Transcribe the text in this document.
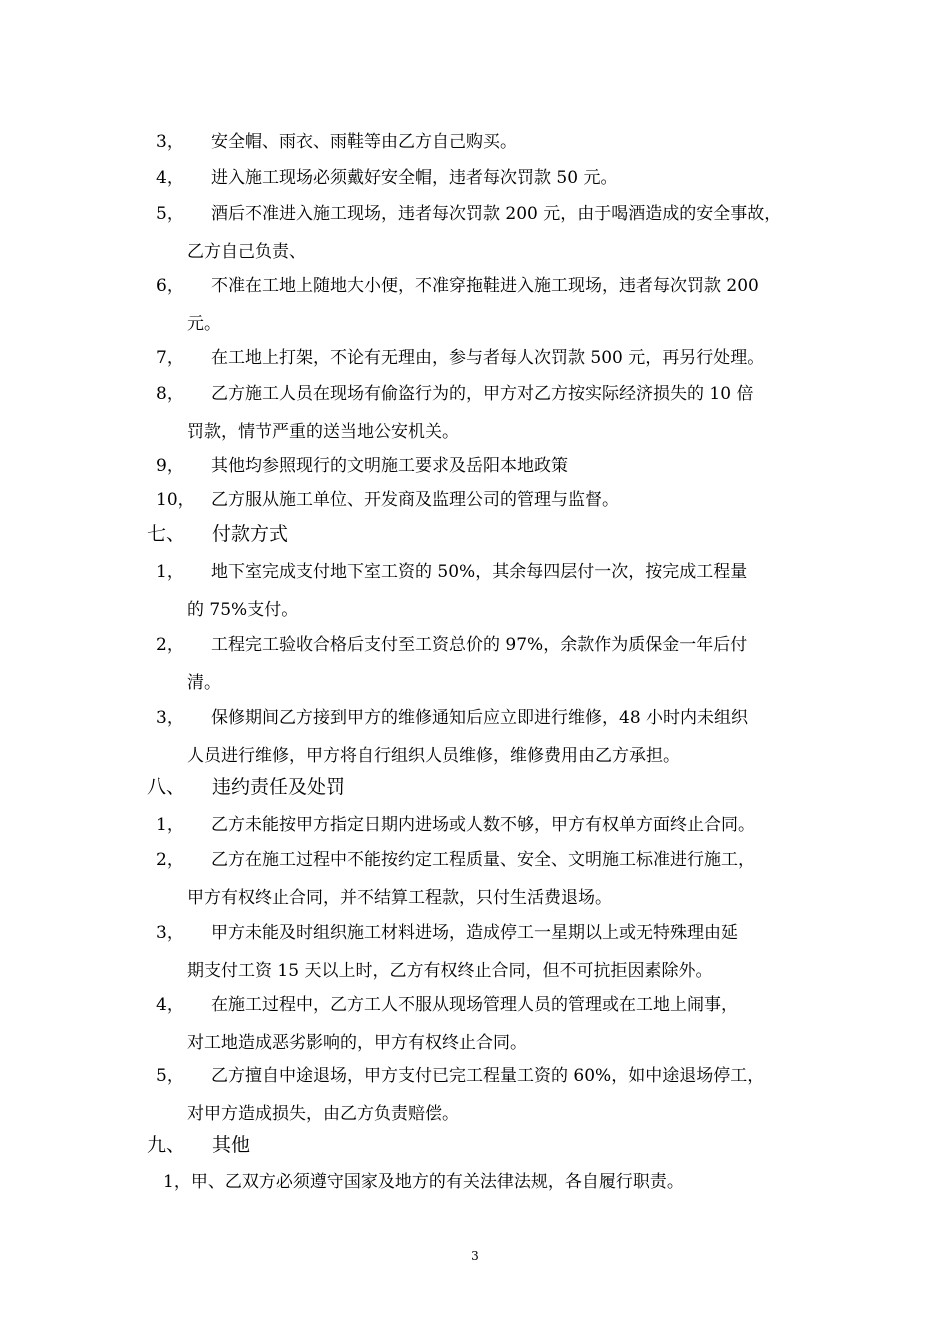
3， 安全帽、雨衣、雨鞋等由乙方自己购买。
4， 进入施工现场必须戴好安全帽，违者每次罚款 50 元。
5， 酒后不准进入施工现场，违者每次罚款 200 元，由于喝酒造成的安全事故，
乙方自己负责、
6， 不准在工地上随地大小便，不准穿拖鞋进入施工现场，违者每次罚款 200
元。
7， 在工地上打架，不论有无理由，参与者每人次罚款 500 元，再另行处理。
8， 乙方施工人员在现场有偷盗行为的，甲方对乙方按实际经济损失的 10 倍
罚款，情节严重的送当地公安机关。
9， 其他均参照现行的文明施工要求及岳阳本地政策
10， 乙方服从施工单位、开发商及监理公司的管理与监督。
七、 付款方式
1， 地下室完成支付地下室工资的 50%，其余每四层付一次，按完成工程量
的 75%支付。
2， 工程完工验收合格后支付至工资总价的 97%，余款作为质保金一年后付
清。
3， 保修期间乙方接到甲方的维修通知后应立即进行维修，48 小时内未组织
人员进行维修，甲方将自行组织人员维修，维修费用由乙方承担。
八、 违约责任及处罚
1， 乙方未能按甲方指定日期内进场或人数不够，甲方有权单方面终止合同。
2， 乙方在施工过程中不能按约定工程质量、安全、文明施工标准进行施工，
甲方有权终止合同，并不结算工程款，只付生活费退场。
3， 甲方未能及时组织施工材料进场，造成停工一星期以上或无特殊理由延
期支付工资 15 天以上时，乙方有权终止合同，但不可抗拒因素除外。
4， 在施工过程中，乙方工人不服从现场管理人员的管理或在工地上闹事，
对工地造成恶劣影响的，甲方有权终止合同。
5， 乙方擅自中途退场，甲方支付已完工程量工资的 60%，如中途退场停工，
对甲方造成损失，由乙方负责赔偿。
九、 其他
1，甲、乙双方必须遵守国家及地方的有关法律法规，各自履行职责。
3
